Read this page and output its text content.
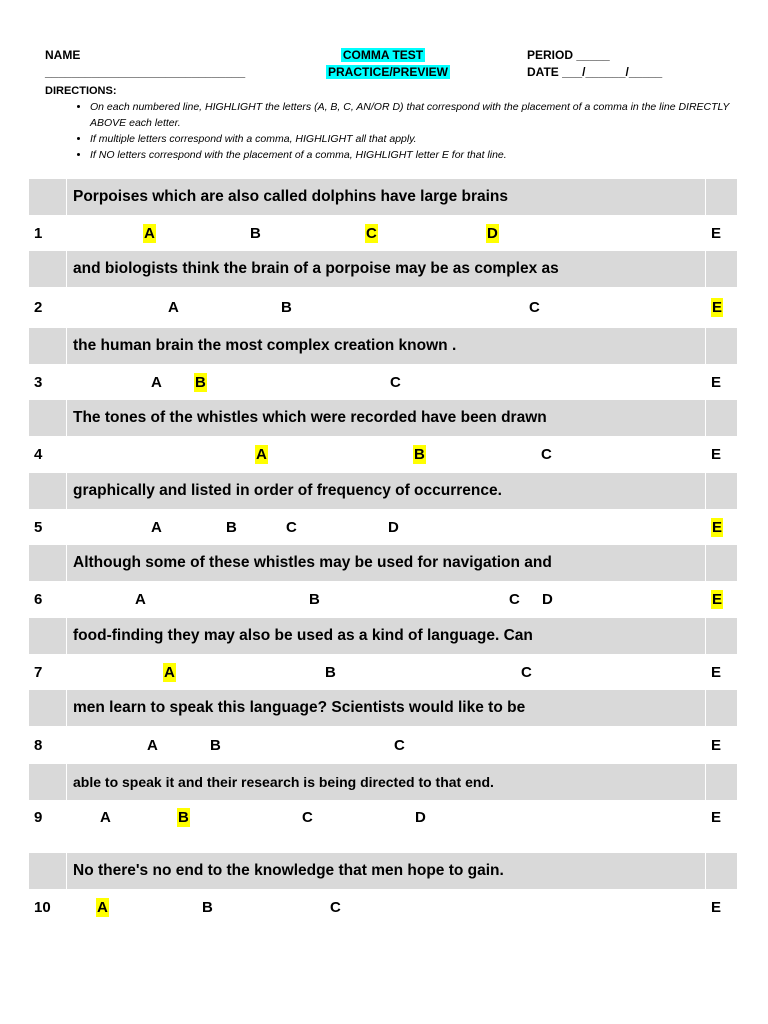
NAME
______________________________
COMMA TEST
PRACTICE/PREVIEW
PERIOD _____
DATE ___/______/_____
DIRECTIONS:
• On each numbered line, HIGHLIGHT the letters (A, B, C, AN/OR D) that correspond with the placement of a comma in the line DIRECTLY ABOVE each letter.
• If multiple letters correspond with a comma, HIGHLIGHT all that apply.
• If NO letters correspond with the placement of a comma, HIGHLIGHT letter E for that line.
Porpoises which are also called dolphins have large brains
1	A	B	C	D	E
and biologists think the brain of a porpoise may be as complex as
2	A	B	C	E
the human brain the most complex creation known .
3	A B	C	E
The tones of the whistles which were recorded have been drawn
4	A	B	C	E
graphically and listed in order of frequency of occurrence.
5	A	B	C	D	E
Although some of these whistles may be used for navigation and
6	A	B	C D	E
food-finding they may also be used as a kind of language. Can
7	A	B	C	E
men learn to speak this language? Scientists would like to be
8	A	B	C	E
able to speak it and their research is being directed to that end.
9	A	B	C	D	E
No there's no end to the knowledge that men hope to gain.
10	A	B	C	E
